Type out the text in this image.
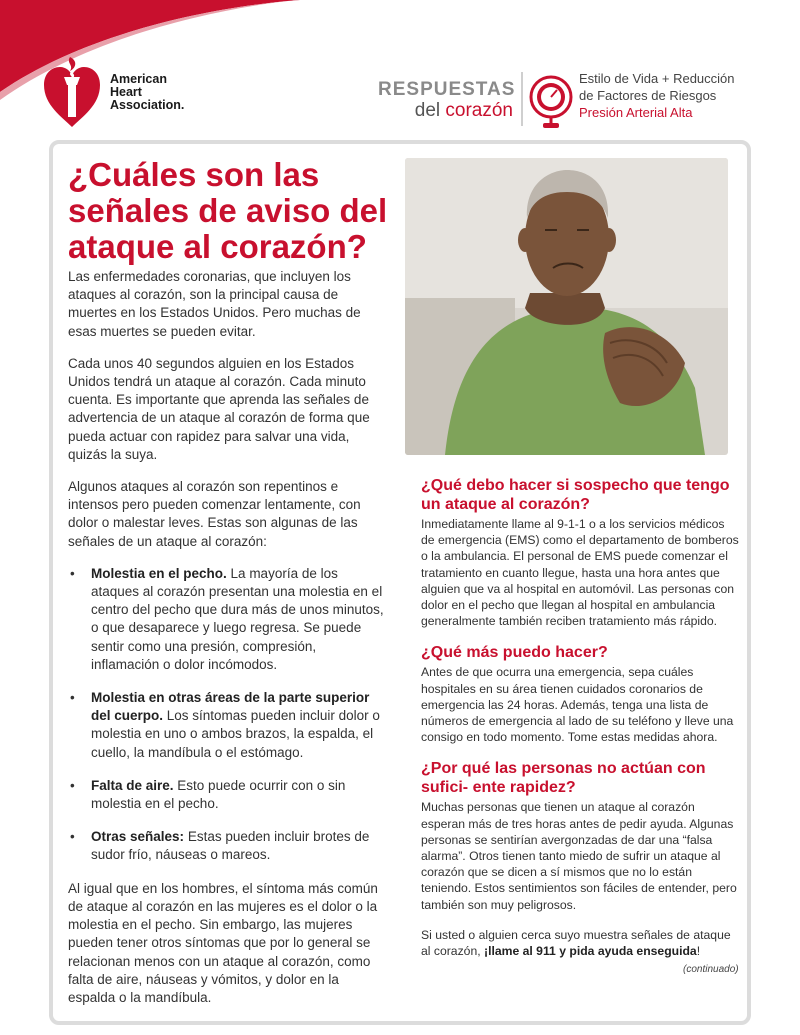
American
Heart
Association.
RESPUESTAS
del corazón
Estilo de Vida + Reducción
de Factores de Riesgos
Presión Arterial Alta
¿Cuáles son las señales de aviso del ataque al corazón?

Las enfermedades coronarias, que incluyen los ataques al corazón, son la principal causa de muertes en los Estados Unidos. Pero muchas de esas muertes se pueden evitar.

Cada unos 40 segundos alguien en los Estados Unidos tendrá un ataque al corazón. Cada minuto cuenta. Es importante que aprenda las señales de advertencia de un ataque al corazón de forma que pueda actuar con rapidez para salvar una vida, quizás la suya.

Algunos ataques al corazón son repentinos e intensos pero pueden comenzar lentamente, con dolor o malestar leves. Estas son algunas de las señales de un ataque al corazón:

• Molestia en el pecho. La mayoría de los ataques al corazón presentan una molestia en el centro del pecho que dura más de unos minutos, o que desaparece y luego regresa. Se puede sentir como una presión, compresión, inflamación o dolor incómodos.
• Molestia en otras áreas de la parte superior del cuerpo. Los síntomas pueden incluir dolor o molestia en uno o ambos brazos, la espalda, el cuello, la mandíbula o el estómago.
• Falta de aire. Esto puede ocurrir con o sin molestia en el pecho.
• Otras señales: Estas pueden incluir brotes de sudor frío, náuseas o mareos.

Al igual que en los hombres, el síntoma más común de ataque al corazón en las mujeres es el dolor o la molestia en el pecho. Sin embargo, las mujeres pueden tener otros síntomas que por lo general se relacionan menos con un ataque al corazón, como falta de aire, náuseas y vómitos, y dolor en la espalda o la mandíbula.

¿Qué debo hacer si sospecho que tengo un ataque al corazón?

Inmediatamente llame al 9-1-1 o a los servicios médicos de emergencia (EMS) como el departamento de bomberos o la ambulancia. El personal de EMS puede comenzar el tratamiento en cuanto llegue, hasta una hora antes que alguien que va al hospital en automóvil. Las personas con dolor en el pecho que llegan al hospital en ambulancia generalmente también reciben tratamiento más rápido.

¿Qué más puedo hacer?

Antes de que ocurra una emergencia, sepa cuáles hospitales en su área tienen cuidados coronarios de emergencia las 24 horas. Además, tenga una lista de números de emergencia al lado de su teléfono y lleve una consigo en todo momento. Tome estas medidas ahora.

¿Por qué las personas no actúan con sufici- ente rapidez?

Muchas personas que tienen un ataque al corazón esperan más de tres horas antes de pedir ayuda. Algunas personas se sentirían avergonzadas de dar una “falsa alarma”. Otros tienen tanto miedo de sufrir un ataque al corazón que se dicen a sí mismos que no lo están teniendo. Estos sentimientos son fáciles de entender, pero también son muy peligrosos.

Si usted o alguien cerca suyo muestra señales de ataque al corazón, ¡llame al 911 y pida ayuda enseguida!

(continuado)
